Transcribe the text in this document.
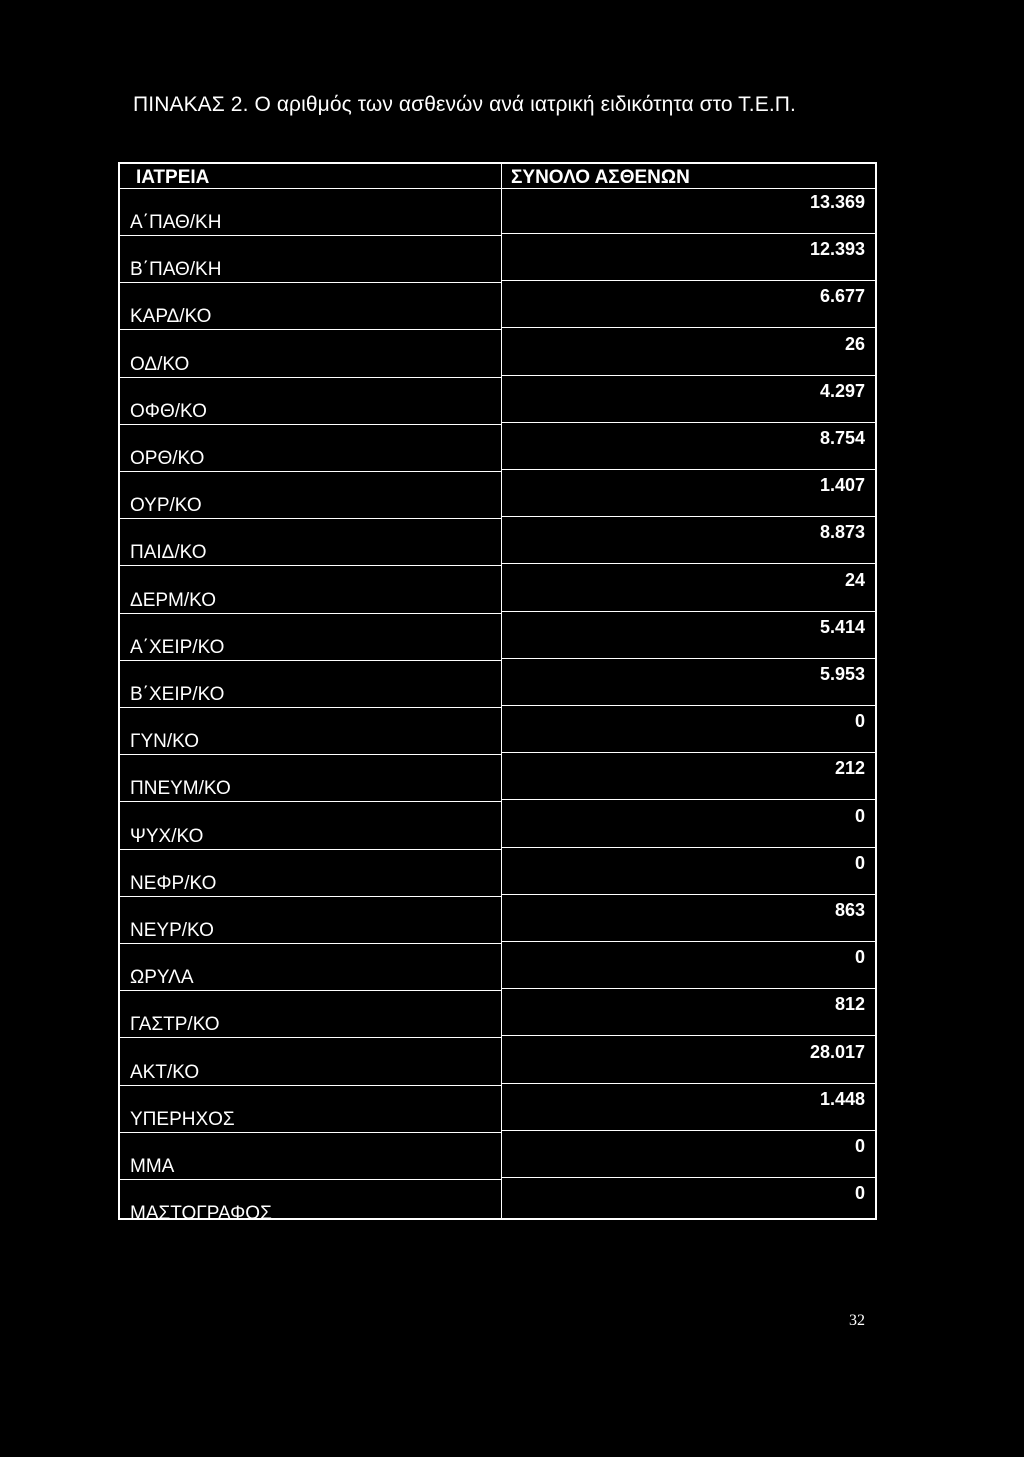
ΠΙΝΑΚΑΣ 2. Ο αριθμός των ασθενών ανά ιατρική ειδικότητα στο Τ.Ε.Π.
ΙΑΤΡΕΙΑ	ΣΥΝΟΛΟ ΑΣΘΕΝΩΝ
13.369
Α΄ΠΑΘ/ΚΗ
12.393
Β΄ΠΑΘ/ΚΗ
6.677
ΚΑΡΔ/ΚΟ
26
ΟΔ/ΚΟ
4.297
ΟΦΘ/ΚΟ
8.754
ΟΡΘ/ΚΟ
1.407
ΟΥΡ/ΚΟ
8.873
ΠΑΙΔ/ΚΟ
24
ΔΕΡΜ/ΚΟ
5.414
Α΄ΧΕΙΡ/ΚΟ
5.953
Β΄ΧΕΙΡ/ΚΟ
0
ΓΥΝ/ΚΟ
212
ΠΝΕΥΜ/ΚΟ
0
ΨΥΧ/ΚΟ
0
ΝΕΦΡ/ΚΟ
863
ΝΕΥΡ/ΚΟ
0
ΩΡΥΛΑ
812
ΓΑΣΤΡ/ΚΟ
28.017
ΑΚΤ/ΚΟ
1.448
ΥΠΕΡΗΧΟΣ
0
ΜΜΑ
0
ΜΑΣΤΟΓΡΑΦΟΣ
32
